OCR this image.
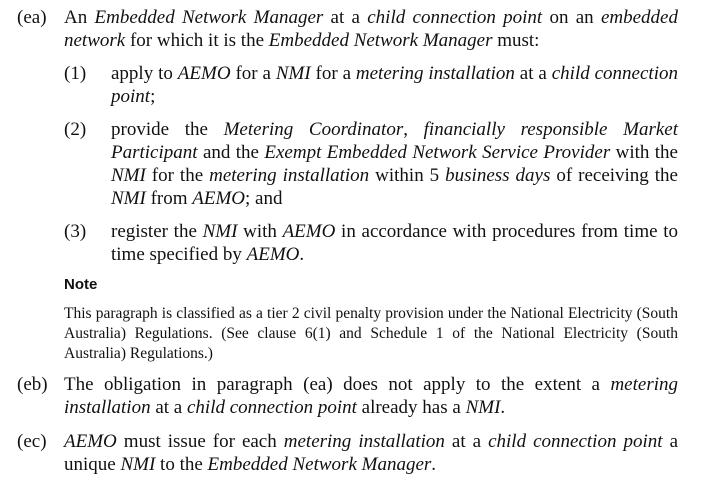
(ea) An Embedded Network Manager at a child connection point on an embedded network for which it is the Embedded Network Manager must:
(1) apply to AEMO for a NMI for a metering installation at a child connection point;
(2) provide the Metering Coordinator, financially responsible Market Participant and the Exempt Embedded Network Service Provider with the NMI for the metering installation within 5 business days of receiving the NMI from AEMO; and
(3) register the NMI with AEMO in accordance with procedures from time to time specified by AEMO.
Note
This paragraph is classified as a tier 2 civil penalty provision under the National Electricity (South Australia) Regulations. (See clause 6(1) and Schedule 1 of the National Electricity (South Australia) Regulations.)
(eb) The obligation in paragraph (ea) does not apply to the extent a metering installation at a child connection point already has a NMI.
(ec) AEMO must issue for each metering installation at a child connection point a unique NMI to the Embedded Network Manager.
